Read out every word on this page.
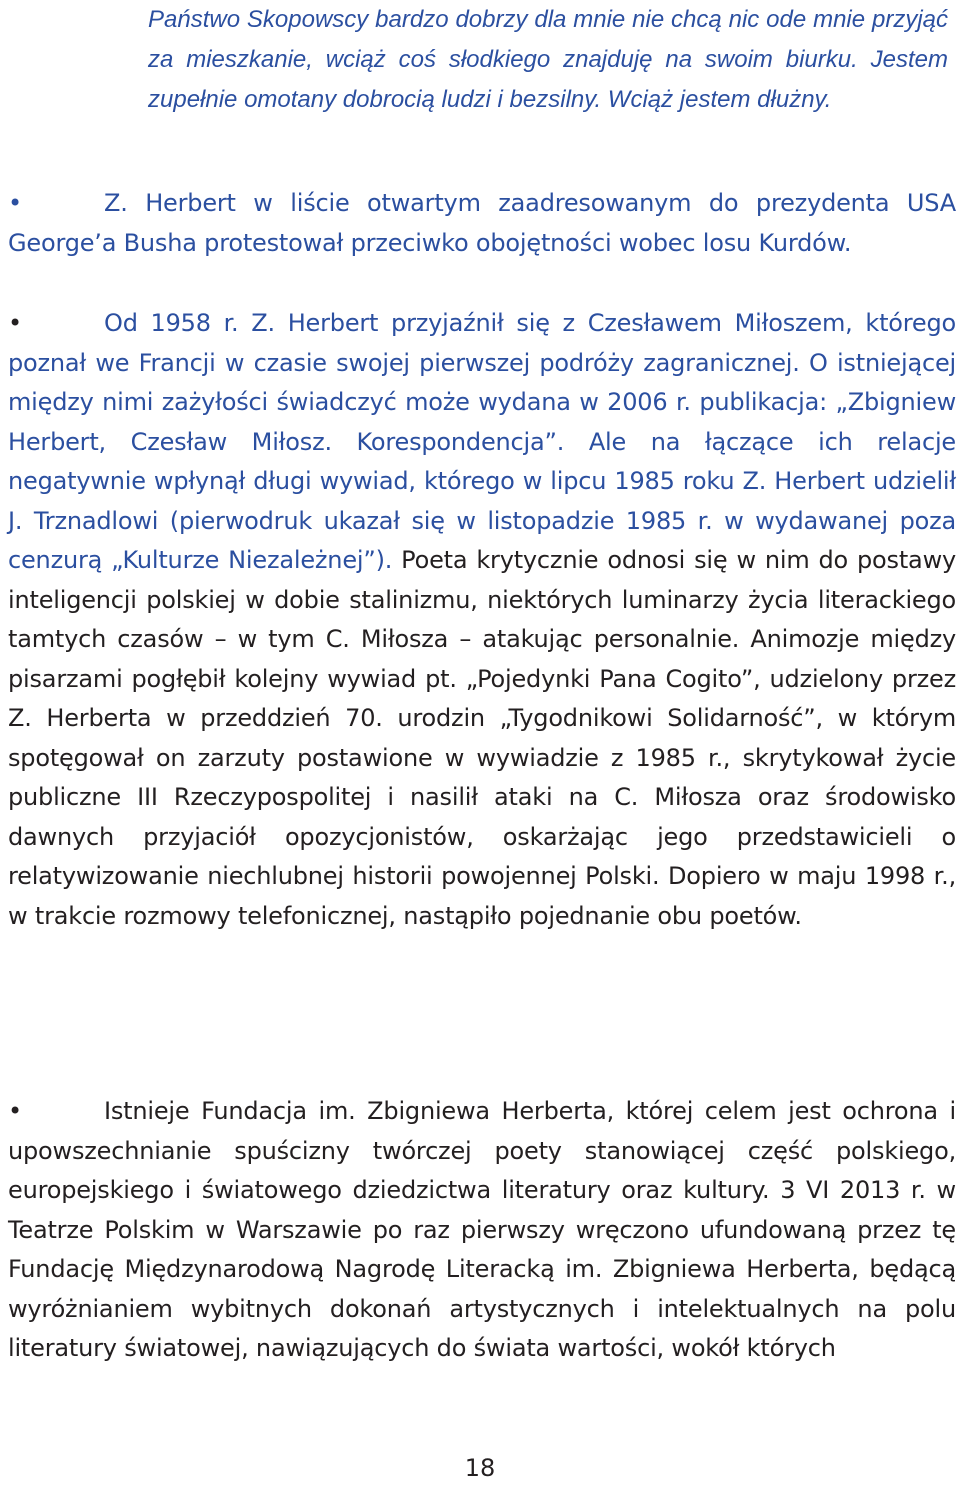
Państwo Skopowscy bardzo dobrzy dla mnie nie chcą nic ode mnie przyjąć za mieszkanie, wciąż coś słodkiego znajduję na swoim biurku. Jestem zupełnie omotany dobrocią ludzi i bezsilny. Wciąż jestem dłużny.

•	Z. Herbert w liście otwartym zaadresowanym do prezydenta USA George’a Busha protestował przeciwko obojętności wobec losu Kurdów.

•	Od 1958 r. Z. Herbert przyjaźnił się z Czesławem Miłoszem, którego poznał we Francji w czasie swojej pierwszej podróży zagranicznej. O istniejącej między nimi zażyłości świadczyć może wydana w 2006 r. publikacja: „Zbigniew Herbert, Czesław Miłosz. Korespondencja”. Ale na łączące ich relacje negatywnie wpłynął długi wywiad, którego w lipcu 1985 roku Z. Herbert udzielił J. Trznadlowi (pierwodruk ukazał się w listopadzie 1985 r. w wydawanej poza cenzurą „Kulturze Niezależnej”). Poeta krytycznie odnosi się w nim do postawy inteligencji polskiej w dobie stalinizmu, niektórych luminarzy życia literackiego tamtych czasów – w tym C. Miłosza – atakując personalnie. Animozje między pisarzami pogłębił kolejny wywiad pt. „Pojedynki Pana Cogito”, udzielony przez Z. Herberta w przeddzień 70. urodzin „Tygodnikowi Solidarność”, w którym spotęgował on zarzuty postawione w wywiadzie z 1985 r., skrytykował życie publiczne III Rzeczypospolitej i nasilił ataki na C. Miłosza oraz środowisko dawnych przyjaciół opozycjonistów, oskarżając jego przedstawicieli o relatywizowanie niechlubnej historii powojennej Polski. Dopiero w maju 1998 r., w trakcie rozmowy telefonicznej, nastąpiło pojednanie obu poetów.

•	Istnieje Fundacja im. Zbigniewa Herberta, której celem jest ochrona i upowszechnianie spuścizny twórczej poety stanowiącej część polskiego, europejskiego i światowego dziedzictwa literatury oraz kultury. 3 VI 2013 r. w Teatrze Polskim w Warszawie po raz pierwszy wręczono ufundowaną przez tę Fundację Międzynarodową Nagrodę Literacką im. Zbigniewa Herberta, będącą wyróżnianiem wybitnych dokonań artystycznych i intelektualnych na polu literatury światowej, nawiązujących do świata wartości, wokół których

18
